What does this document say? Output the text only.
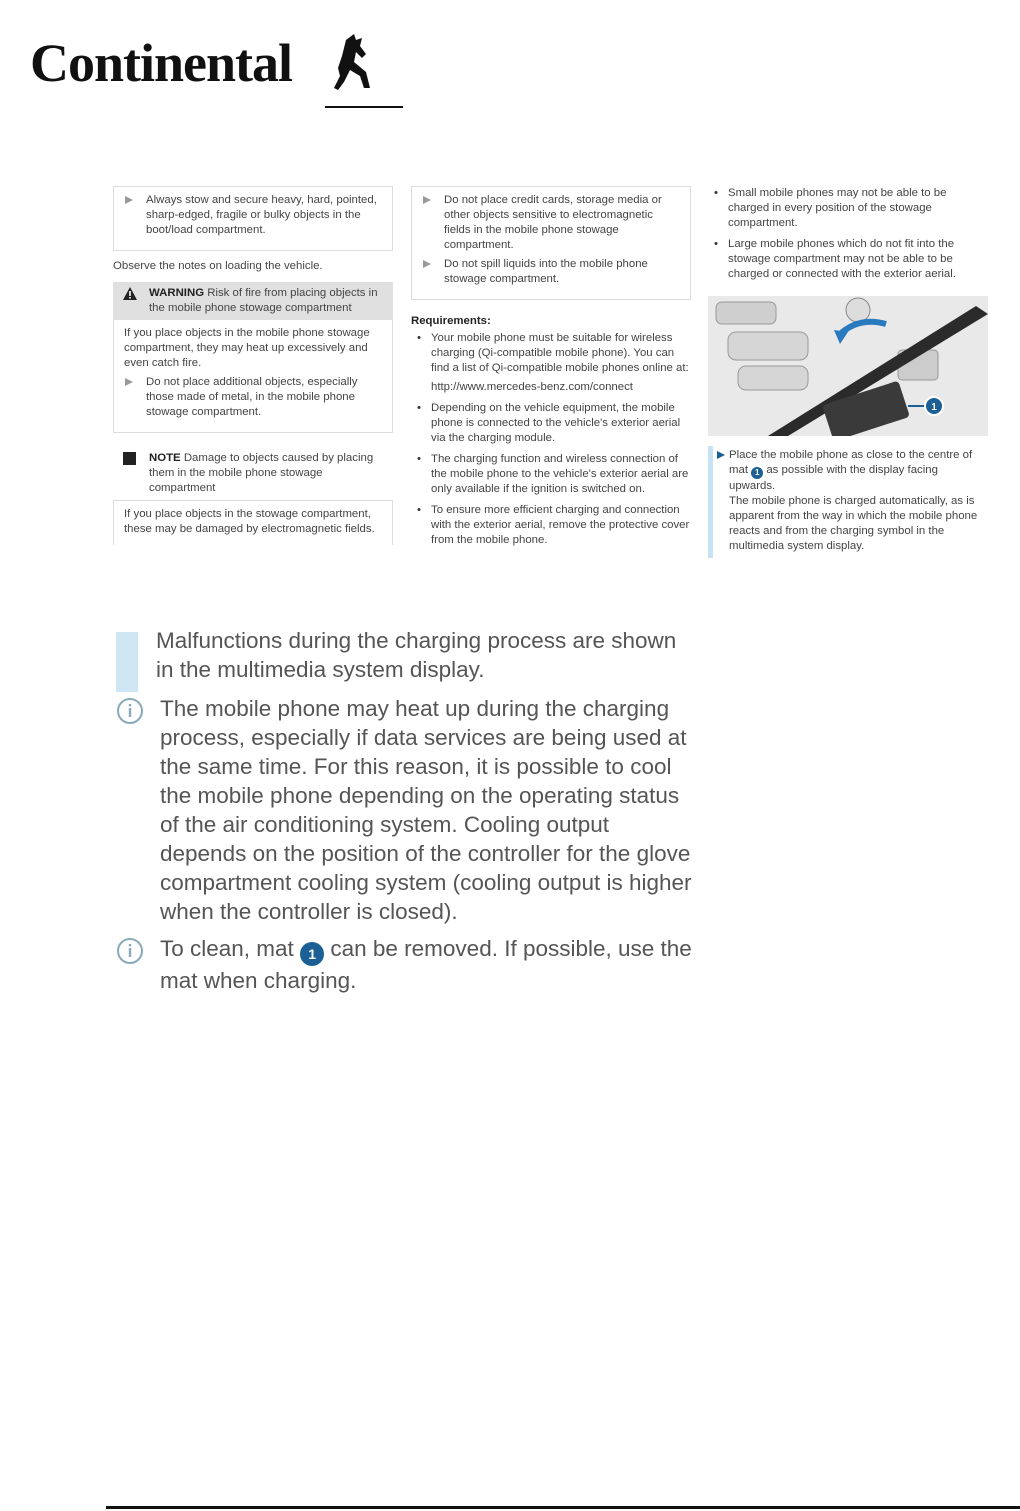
Continental
Always stow and secure heavy, hard, pointed, sharp-edged, fragile or bulky objects in the boot/load compartment.

Observe the notes on loading the vehicle.

WARNING Risk of fire from placing objects in the mobile phone stowage compartment

If you place objects in the mobile phone stowage compartment, they may heat up excessively and even catch fire.

Do not place additional objects, especially those made of metal, in the mobile phone stowage compartment.
NOTE Damage to objects caused by placing them in the mobile phone stowage compartment
If you place objects in the stowage compartment, these may be damaged by electromagnetic fields.
Do not place credit cards, storage media or other objects sensitive to electromagnetic fields in the mobile phone stowage compartment.
Do not spill liquids into the mobile phone stowage compartment.
Requirements:
• Your mobile phone must be suitable for wireless charging (Qi-compatible mobile phone). You can find a list of Qi-compatible mobile phones online at:
http://www.mercedes-benz.com/connect
• Depending on the vehicle equipment, the mobile phone is connected to the vehicle's exterior aerial via the charging module.
• The charging function and wireless connection of the mobile phone to the vehicle's exterior aerial are only available if the ignition is switched on.
• To ensure more efficient charging and connection with the exterior aerial, remove the protective cover from the mobile phone.
• Small mobile phones may not be able to be charged in every position of the stowage compartment.
• Large mobile phones which do not fit into the stowage compartment may not be able to be charged or connected with the exterior aerial.
1
Place the mobile phone as close to the centre of mat 1 as possible with the display facing upwards.
The mobile phone is charged automatically, as is apparent from the way in which the mobile phone reacts and from the charging symbol in the multimedia system display.

Malfunctions during the charging process are shown in the multimedia system display.

The mobile phone may heat up during the charging process, especially if data services are being used at the same time. For this reason, it is possible to cool the mobile phone depending on the operating status of the air conditioning system. Cooling output depends on the position of the controller for the glove compartment cooling system (cooling output is higher when the controller is closed).
To clean, mat 1 can be removed. If possible, use the mat when charging.
